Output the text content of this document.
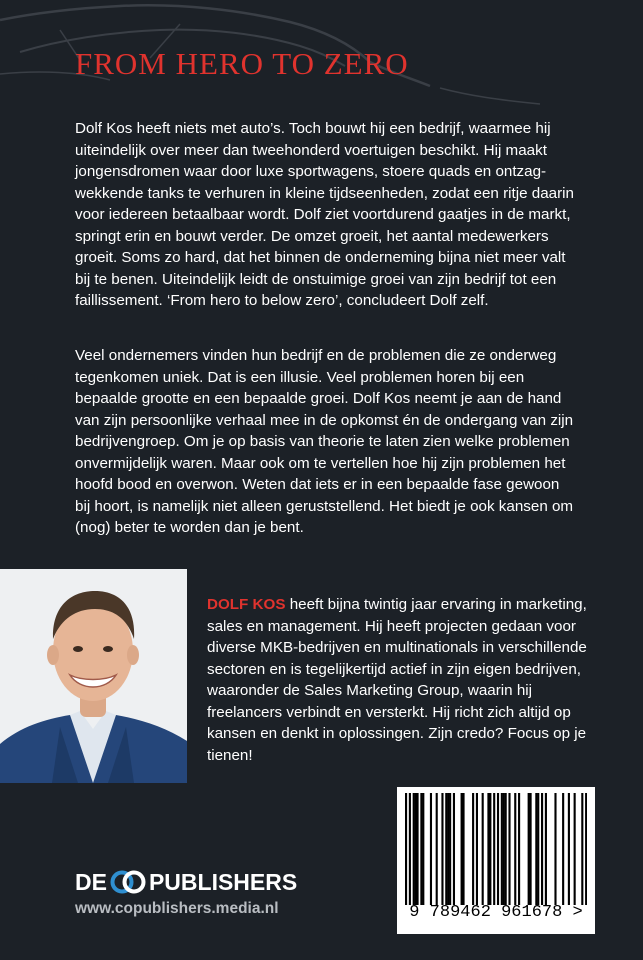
FROM HERO TO ZERO

Dolf Kos heeft niets met auto’s. Toch bouwt hij een bedrijf, waarmee hij uiteindelijk over meer dan tweehonderd voertuigen beschikt. Hij maakt jongensdromen waar door luxe sportwagens, stoere quads en ontzag-wekkende tanks te verhuren in kleine tijdseenheden, zodat een ritje daarin voor iedereen betaalbaar wordt. Dolf ziet voortdurend gaatjes in de markt, springt erin en bouwt verder. De omzet groeit, het aantal medewerkers groeit. Soms zo hard, dat het binnen de onderneming bijna niet meer valt bij te benen. Uiteindelijk leidt de onstuimige groei van zijn bedrijf tot een faillissement. ‘From hero to below zero’, concludeert Dolf zelf.

Veel ondernemers vinden hun bedrijf en de problemen die ze onderweg tegenkomen uniek. Dat is een illusie. Veel problemen horen bij een bepaalde grootte en een bepaalde groei. Dolf Kos neemt je aan de hand van zijn persoonlijke verhaal mee in de opkomst én de ondergang van zijn bedrijvengroep. Om je op basis van theorie te laten zien welke problemen onvermijdelijk waren. Maar ook om te vertellen hoe hij zijn problemen het hoofd bood en overwon. Weten dat iets er in een bepaalde fase gewoon bij hoort, is namelijk niet alleen geruststellend. Het biedt je ook kansen om (nog) beter te worden dan je bent.

DOLF KOS heeft bijna twintig jaar ervaring in marketing, sales en management. Hij heeft projecten gedaan voor diverse MKB-bedrijven en multinationals in verschillende sectoren en is tegelijkertijd actief in zijn eigen bedrijven, waaronder de Sales Marketing Group, waarin hij freelancers verbindt en versterkt. Hij richt zich altijd op kansen en denkt in oplossingen. Zijn credo? Focus op je tienen!

9 789462 961678 >
DE PUBLISHERS
www.copublishers.media.nl
